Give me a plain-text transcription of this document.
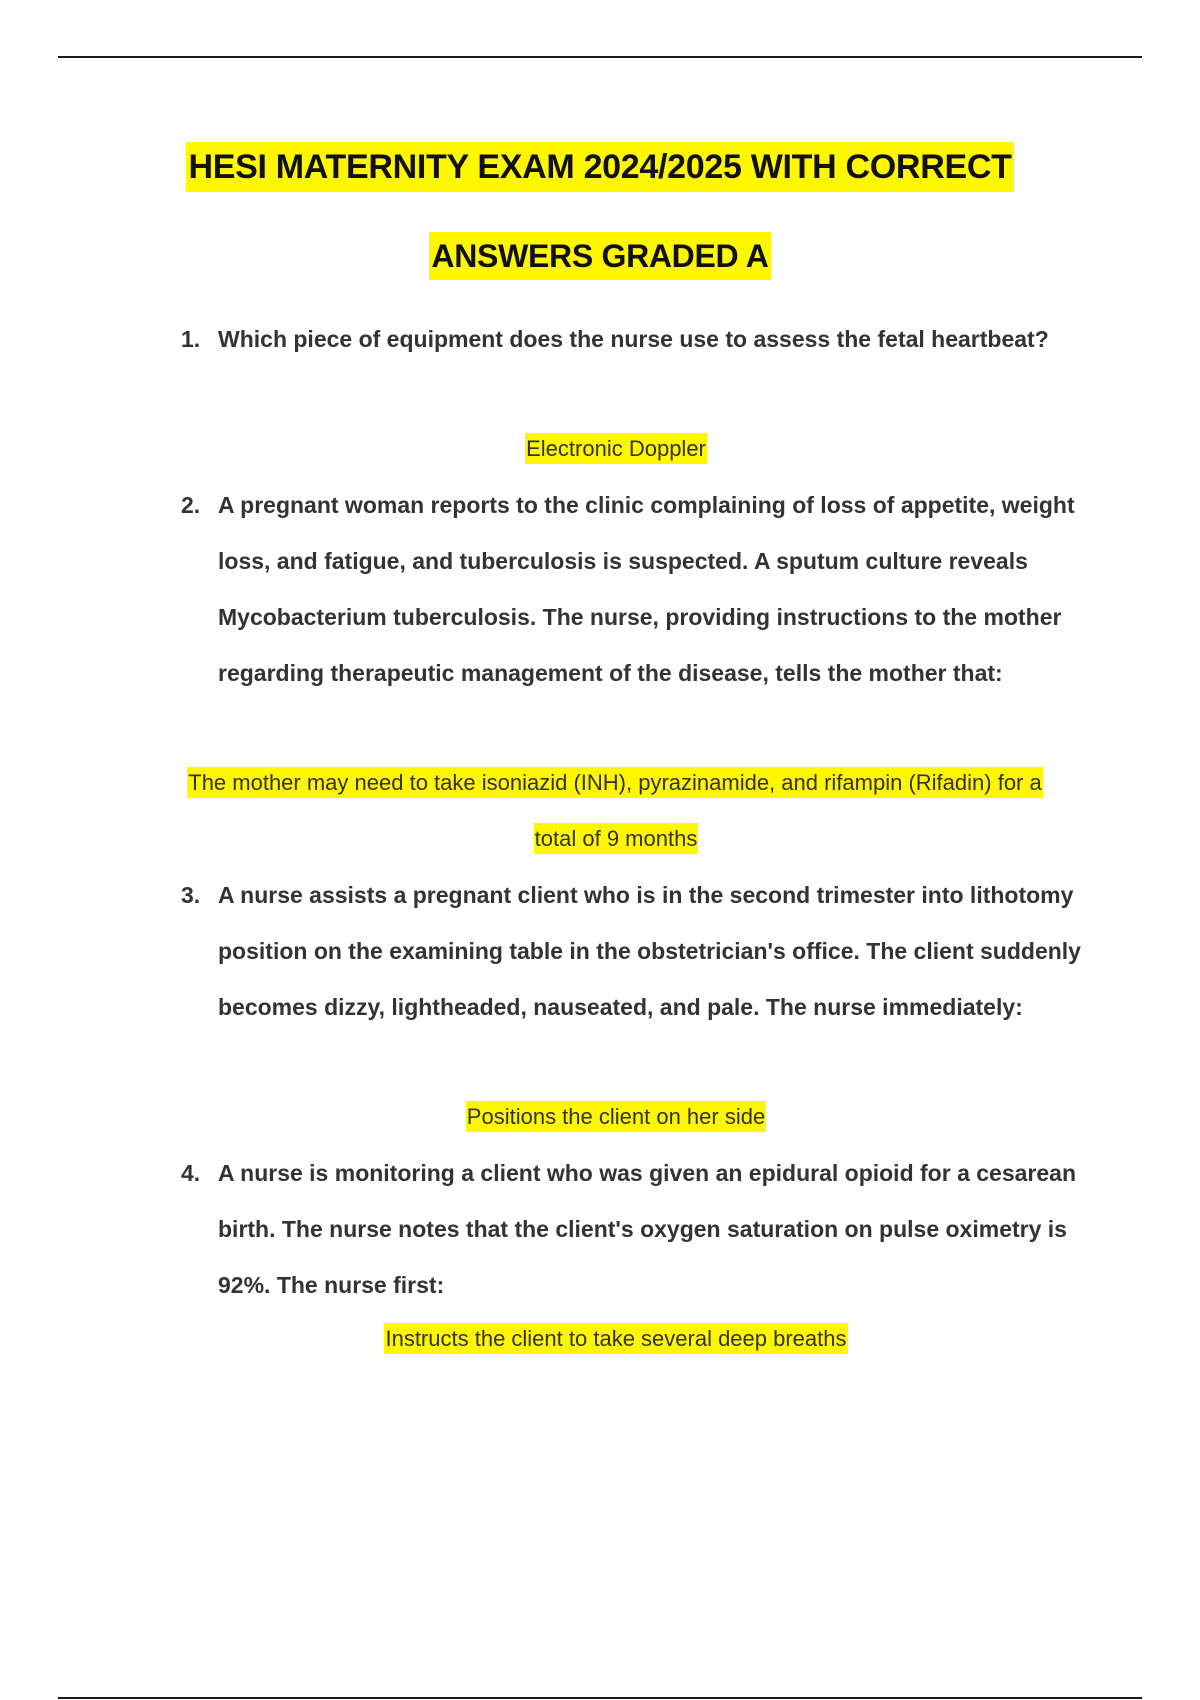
HESI MATERNITY EXAM 2024/2025 WITH CORRECT
ANSWERS GRADED A
1. Which piece of equipment does the nurse use to assess the fetal heartbeat?
Electronic Doppler
2. A pregnant woman reports to the clinic complaining of loss of appetite, weight loss, and fatigue, and tuberculosis is suspected. A sputum culture reveals Mycobacterium tuberculosis. The nurse, providing instructions to the mother regarding therapeutic management of the disease, tells the mother that:
The mother may need to take isoniazid (INH), pyrazinamide, and rifampin (Rifadin) for a
total of 9 months
3. A nurse assists a pregnant client who is in the second trimester into lithotomy position on the examining table in the obstetrician's office. The client suddenly becomes dizzy, lightheaded, nauseated, and pale. The nurse immediately:
Positions the client on her side
4. A nurse is monitoring a client who was given an epidural opioid for a cesarean birth. The nurse notes that the client's oxygen saturation on pulse oximetry is 92%. The nurse first:
Instructs the client to take several deep breaths
